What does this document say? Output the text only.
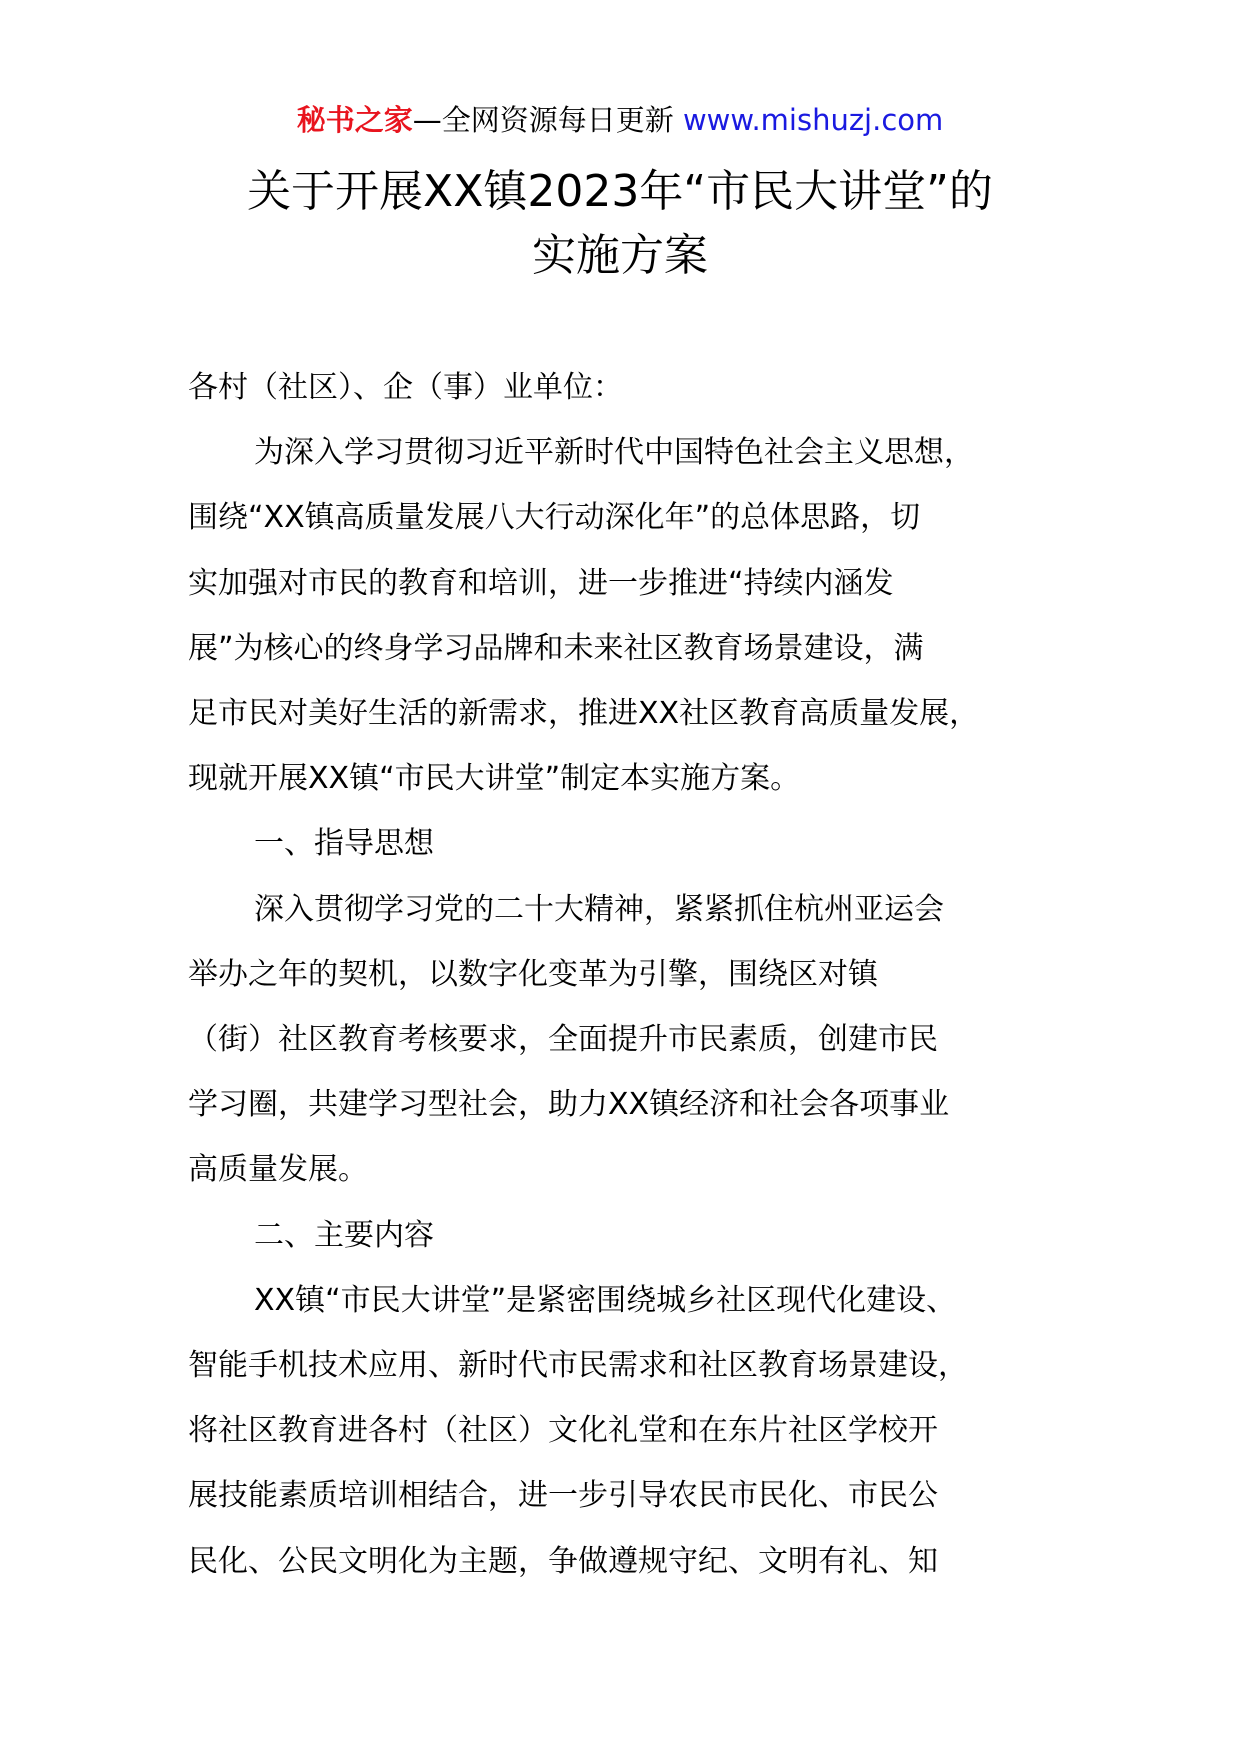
秘书之家—全网资源每日更新 www.mishuzj.com
关于开展XX镇2023年“市民大讲堂”的
实施方案

各村（社区）、企（事）业单位：

为深入学习贯彻习近平新时代中国特色社会主义思想，

围绕“XX镇高质量发展八大行动深化年”的总体思路，切

实加强对市民的教育和培训，进一步推进“持续内涵发

展”为核心的终身学习品牌和未来社区教育场景建设，满

足市民对美好生活的新需求，推进XX社区教育高质量发展，

现就开展XX镇“市民大讲堂”制定本实施方案。

一、指导思想

深入贯彻学习党的二十大精神，紧紧抓住杭州亚运会

举办之年的契机，以数字化变革为引擎，围绕区对镇

（街）社区教育考核要求，全面提升市民素质，创建市民

学习圈，共建学习型社会，助力XX镇经济和社会各项事业

高质量发展。

二、主要内容

XX镇“市民大讲堂”是紧密围绕城乡社区现代化建设、

智能手机技术应用、新时代市民需求和社区教育场景建设，

将社区教育进各村（社区）文化礼堂和在东片社区学校开

展技能素质培训相结合，进一步引导农民市民化、市民公

民化、公民文明化为主题，争做遵规守纪、文明有礼、知
